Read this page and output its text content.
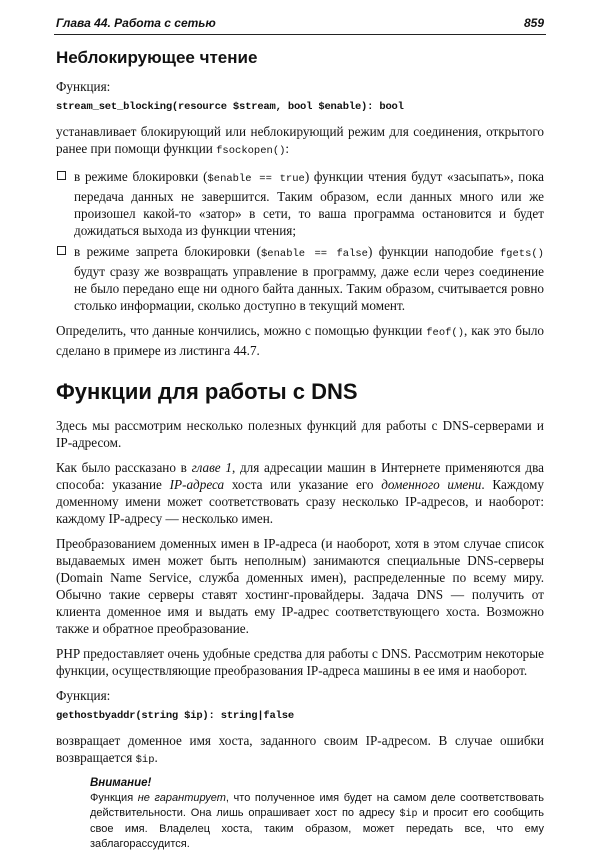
Глава 44. Работа с сетью	859
Неблокирующее чтение

Функция:

stream_set_blocking(resource $stream, bool $enable): bool

устанавливает блокирующий или неблокирующий режим для соединения, открытого ранее при помощи функции fsockopen():

в режиме блокировки ($enable == true) функции чтения будут «засыпать», пока передача данных не завершится. Таким образом, если данных много или же произошел какой-то «затор» в сети, то ваша программа остановится и будет дожидаться выхода из функции чтения;
в режиме запрета блокировки ($enable == false) функции наподобие fgets() будут сразу же возвращать управление в программу, даже если через соединение не было передано еще ни одного байта данных. Таким образом, считывается ровно столько информации, сколько доступно в текущий момент.

Определить, что данные кончились, можно с помощью функции feof(), как это было сделано в примере из листинга 44.7.

Функции для работы с DNS

Здесь мы рассмотрим несколько полезных функций для работы с DNS-серверами и IP-адресом.

Как было рассказано в главе 1, для адресации машин в Интернете применяются два способа: указание IP-адреса хоста или указание его доменного имени. Каждому доменному имени может соответствовать сразу несколько IP-адресов, и наоборот: каждому IP-адресу — несколько имен.

Преобразованием доменных имен в IP-адреса (и наоборот, хотя в этом случае список выдаваемых имен может быть неполным) занимаются специальные DNS-серверы (Domain Name Service, служба доменных имен), распределенные по всему миру. Обычно такие серверы ставят хостинг-провайдеры. Задача DNS — получить от клиента доменное имя и выдать ему IP-адрес соответствующего хоста. Возможно также и обратное преобразование.

PHP предоставляет очень удобные средства для работы с DNS. Рассмотрим некоторые функции, осуществляющие преобразования IP-адреса машины в ее имя и наоборот.

Функция:

gethostbyaddr(string $ip): string|false

возвращает доменное имя хоста, заданного своим IP-адресом. В случае ошибки возвращается $ip.

Внимание!
Функция не гарантирует, что полученное имя будет на самом деле соответствовать действительности. Она лишь опрашивает хост по адресу $ip и просит его сообщить свое имя. Владелец хоста, таким образом, может передать все, что ему заблагорассудится.
